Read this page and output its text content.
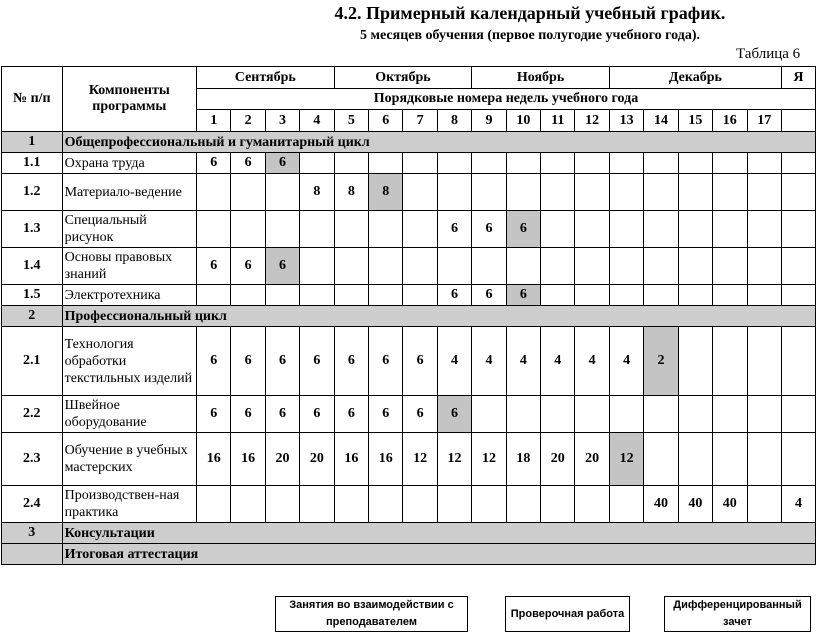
4.2. Примерный календарный учебный график.
5 месяцев обучения (первое полугодие учебного года).
Таблица 6
№ п/п	Компоненты программы	Сентябрь				Октябрь				Ноябрь				Декабрь					Я
		Порядковые номера недель учебного года																	
		1	2	3	4	5	6	7	8	9	10	11	12	13	14	15	16	17	
1	Общепрофессиональный и гуманитарный цикл																		
1.1	Охрана труда	6	6	6															
1.2	Материало-ведение				8	8	8												
1.3	Специальный рисунок								6	6	6								
1.4	Основы правовых знаний	6	6	6															
1.5	Электротехника								6	6	6								
2	Профессиональный цикл																		
2.1	Технология обработки текстильных изделий	6	6	6	6	6	6	6	4	4	4	4	4	4	2				
2.2	Швейное оборудование	6	6	6	6	6	6	6	6										
2.3	Обучение в учебных мастерских	16	16	20	20	16	16	12	12	12	18	20	20	12					
2.4	Производствен-ная практика														40	40	40		4
3	Консультации																		
	Итоговая аттестация																		
Занятия во взаимодействии с преподавателем
Проверочная работа
Дифференцированный зачет
